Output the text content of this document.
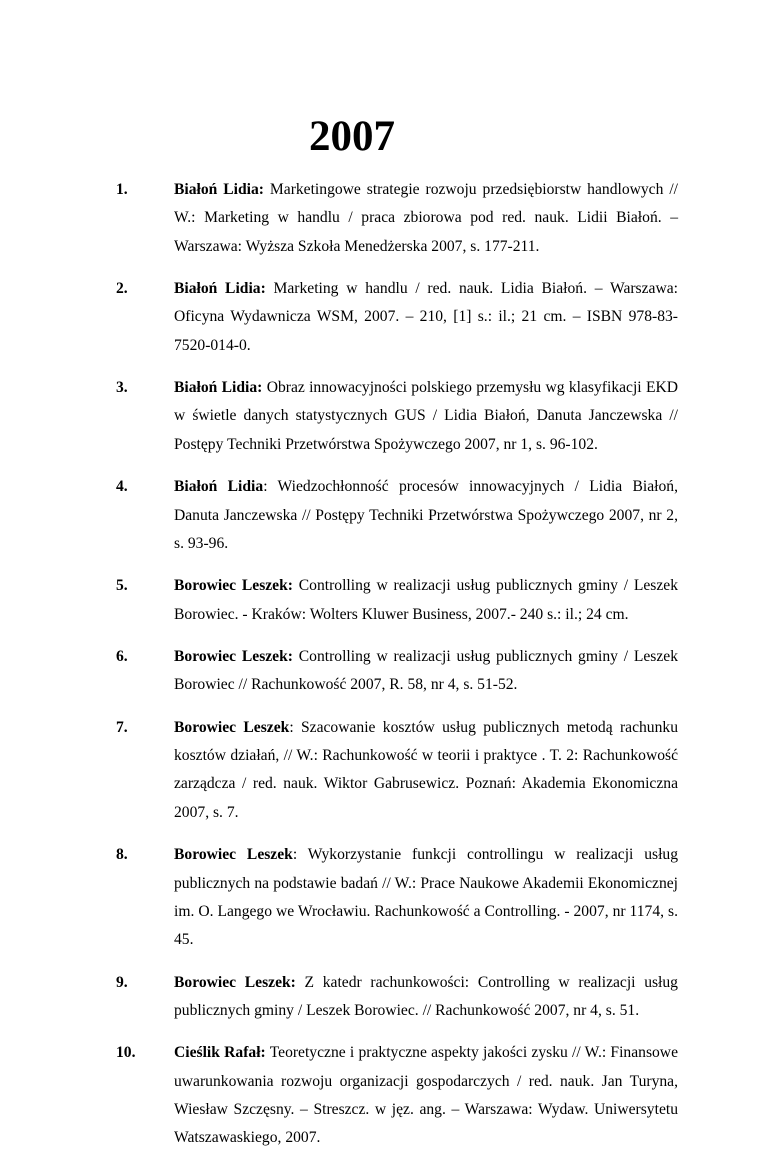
2007
1.	Białoń Lidia: Marketingowe strategie rozwoju przedsiębiorstw handlowych // W.: Marketing w handlu / praca zbiorowa pod red. nauk. Lidii Białoń. – Warszawa: Wyższa Szkoła Menedżerska 2007, s. 177-211.
2.	Białoń Lidia: Marketing w handlu / red. nauk. Lidia Białoń. – Warszawa: Oficyna Wydawnicza WSM, 2007. – 210, [1] s.: il.; 21 cm. – ISBN 978-83-7520-014-0.
3.	Białoń Lidia: Obraz innowacyjności polskiego przemysłu wg klasyfikacji EKD w świetle danych statystycznych GUS / Lidia Białoń, Danuta Janczewska // Postępy Techniki Przetwórstwa Spożywczego 2007, nr 1, s. 96-102.
4.	Białoń Lidia: Wiedzochłonność procesów innowacyjnych / Lidia Białoń, Danuta Janczewska // Postępy Techniki Przetwórstwa Spożywczego 2007, nr 2, s. 93-96.
5.	Borowiec Leszek: Controlling w realizacji usług publicznych gminy / Leszek Borowiec. - Kraków: Wolters Kluwer Business, 2007.- 240 s.: il.; 24 cm.
6.	Borowiec Leszek: Controlling w realizacji usług publicznych gminy / Leszek Borowiec // Rachunkowość 2007, R. 58, nr 4, s. 51-52.
7.	Borowiec Leszek: Szacowanie kosztów usług publicznych metodą rachunku kosztów działań, // W.: Rachunkowość w teorii i praktyce . T. 2: Rachunkowość zarządcza / red. nauk. Wiktor Gabrusewicz. Poznań: Akademia Ekonomiczna 2007, s. 7.
8.	Borowiec Leszek: Wykorzystanie funkcji controllingu w realizacji usług publicznych na podstawie badań // W.: Prace Naukowe Akademii Ekonomicznej im. O. Langego we Wrocławiu. Rachunkowość a Controlling. - 2007, nr 1174, s. 45.
9.	Borowiec Leszek: Z katedr rachunkowości: Controlling w realizacji usług publicznych gminy / Leszek Borowiec. // Rachunkowość 2007, nr 4, s. 51.
10. Cieślik Rafał: Teoretyczne i praktyczne aspekty jakości zysku // W.: Finansowe uwarunkowania rozwoju organizacji gospodarczych / red. nauk. Jan Turyna, Wiesław Szczęsny. – Streszcz. w jęz. ang. – Warszawa: Wydaw. Uniwersytetu Watszawaskiego, 2007.
